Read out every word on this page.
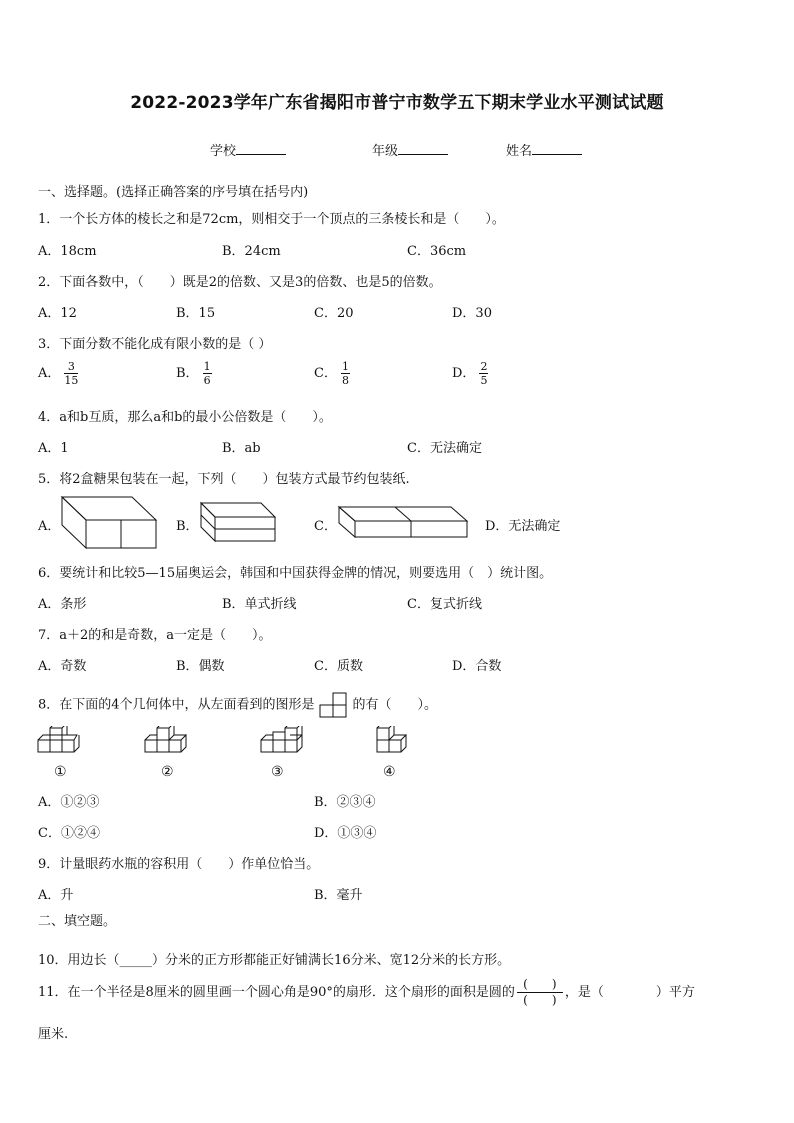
2022-2023学年广东省揭阳市普宁市数学五下期末学业水平测试试题
学校	年级	姓名
一、选择题。(选择正确答案的序号填在括号内)
1．一个长方体的棱长之和是72cm，则相交于一个顶点的三条棱长和是（　　）。
A．18cm	B．24cm	C．36cm
2．下面各数中，（　　）既是2的倍数、又是3的倍数、也是5的倍数。
A．12	B．15	C．20	D．30
3．下面分数不能化成有限小数的是（ ）
A． $\frac{3}{15}$	B． $\frac{1}{6}$	C． $\frac{1}{8}$	D． $\frac{2}{5}$
4．a和b互质，那么a和b的最小公倍数是（　　）。
A．1	B．ab	C．无法确定
5．将2盒糖果包装在一起，下列（　　）包装方式最节约包装纸.
A．	B．	C．	D．无法确定
6．要统计和比较5—15届奥运会，韩国和中国获得金牌的情况，则要选用（　）统计图。
A．条形	B．单式折线	C．复式折线
7．a＋2的和是奇数，a一定是（　　）。
A．奇数	B．偶数	C．质数	D．合数
8．在下面的4个几何体中，从左面看到的图形是	的有（　　）。
①	②	③	④
A．①②③	B．②③④
C．①②④	D．①③④
9．计量眼药水瓶的容积用（　　）作单位恰当。
A．升	B．毫升
二、填空题。
10．用边长（_____）分米的正方形都能正好铺满长16分米、宽12分米的长方形。
11．在一个半径是8厘米的圆里画一个圆心角是90°的扇形．这个扇形的面积是圆的 $\frac{( )}{( )}$ ，是（　　　　）平方
厘米.
